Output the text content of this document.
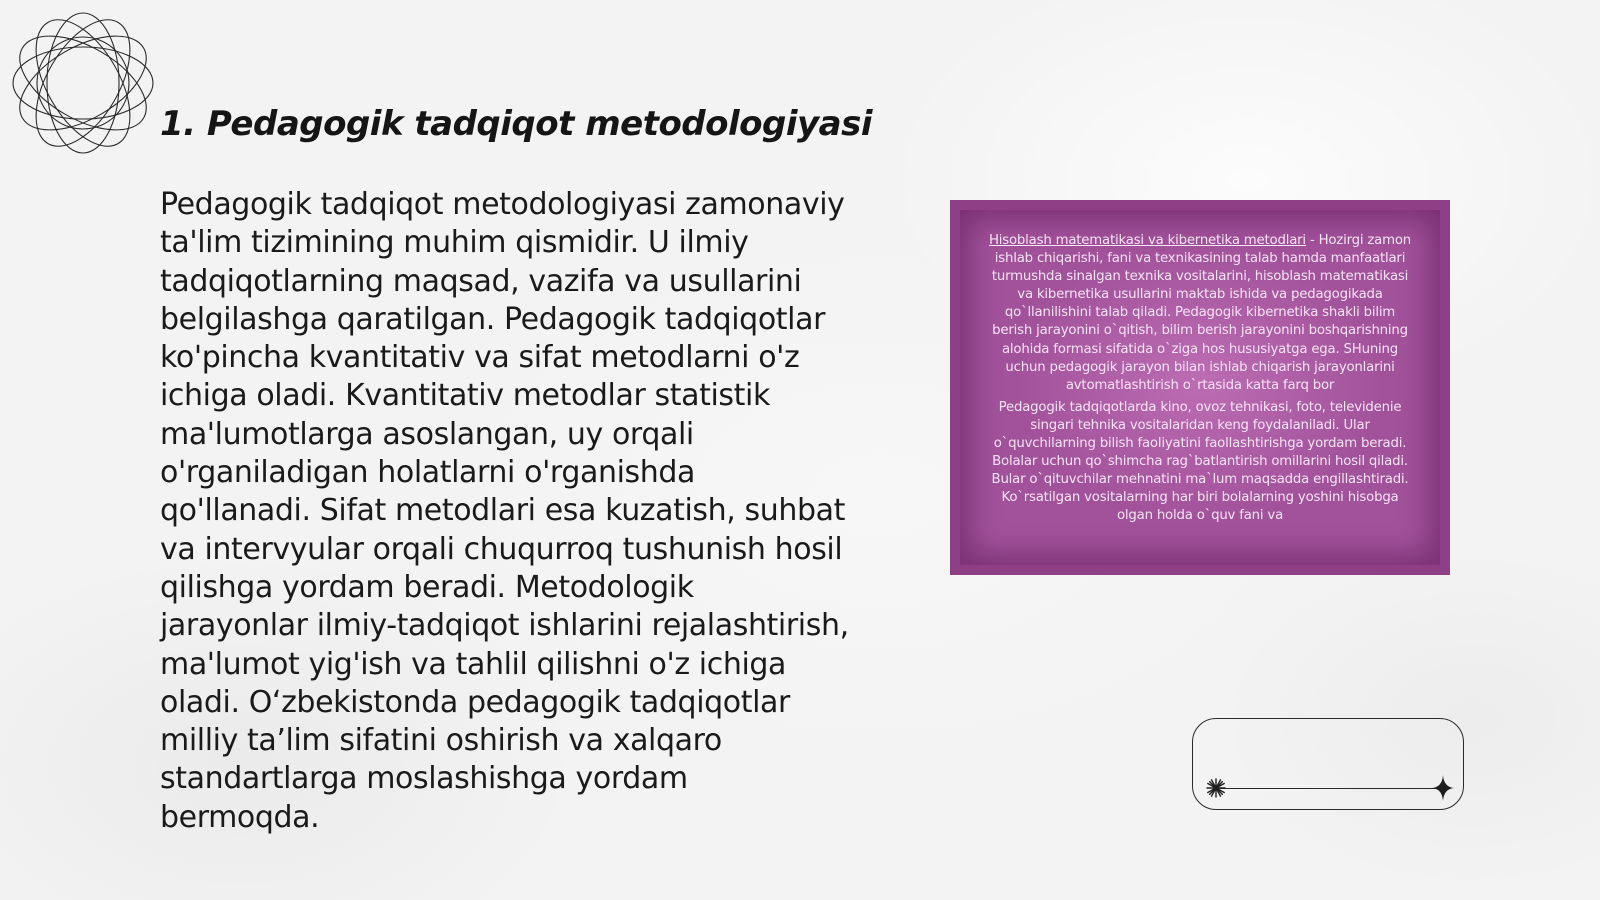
1. Pedagogik tadqiqot metodologiyasi

Pedagogik tadqiqot metodologiyasi zamonaviy ta'lim tizimining muhim qismidir. U ilmiy tadqiqotlarning maqsad, vazifa va usullarini belgilashga qaratilgan. Pedagogik tadqiqotlar ko'pincha kvantitativ va sifat metodlarni o'z ichiga oladi. Kvantitativ metodlar statistik ma'lumotlarga asoslangan, uy orqali o'rganiladigan holatlarni o'rganishda qo'llanadi. Sifat metodlari esa kuzatish, suhbat va intervyular orqali chuqurroq tushunish hosil qilishga yordam beradi. Metodologik jarayonlar ilmiy-tadqiqot ishlarini rejalashtirish, ma'lumot yig'ish va tahlil qilishni o'z ichiga oladi. O‘zbekistonda pedagogik tadqiqotlar milliy ta’lim sifatini oshirish va xalqaro standartlarga moslashishga yordam bermoqda.

Hisoblash matematikasi va kibernetika metodlari - Hozirgi zamon ishlab chiqarishi, fani va texnikasining talab hamda manfaatlari turmushda sinalgan texnika vositalarini, hisoblash matematikasi va kibernetika usullarini maktab ishida va pedagogikada qo`llanilishini talab qiladi. Pedagogik kibernetika shakli bilim berish jarayonini o`qitish, bilim berish jarayonini boshqarishning alohida formasi sifatida o`ziga hos hususiyatga ega. SHuning uchun pedagogik jarayon bilan ishlab chiqarish jarayonlarini avtomatlashtirish o`rtasida katta farq bor

Pedagogik tadqiqotlarda kino, ovoz tehnikasi, foto, televidenie singari tehnika vositalaridan keng foydalaniladi. Ular o`quvchilarning bilish faoliyatini faollashtirishga yordam beradi. Bolalar uchun qo`shimcha rag`batlantirish omillarini hosil qiladi. Bular o`qituvchilar mehnatini ma`lum maqsadda engillashtiradi. Ko`rsatilgan vositalarning har biri bolalarning yoshini hisobga olgan holda o`quv fani va
